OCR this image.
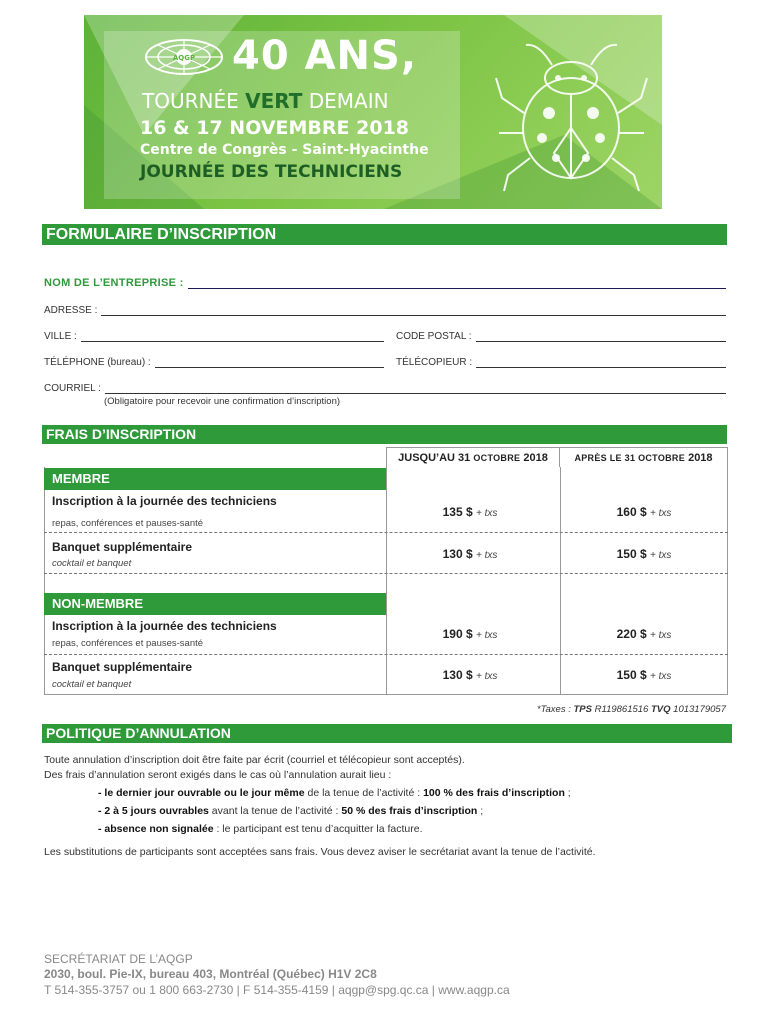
AQGP 40 ANS,
TOURNÉE VERT DEMAIN
16 & 17 NOVEMBRE 2018
Centre de Congrès - Saint-Hyacinthe
JOURNÉE DES TECHNICIENS
FORMULAIRE D’INSCRIPTION
NOM DE L’ENTREPRISE :
ADRESSE :
VILLE :	CODE POSTAL :
TÉLÉPHONE (bureau) :	TÉLÉCOPIEUR :
COURRIEL :
(Obligatoire pour recevoir une confirmation d’inscription)
FRAIS D’INSCRIPTION
JUSQU’AU 31 OCTOBRE 2018	APRÈS LE 31 OCTOBRE 2018
MEMBRE
Inscription à la journée des techniciens
repas, conférences et pauses-santé
135 $ + txs	160 $ + txs
Banquet supplémentaire
cocktail et banquet
130 $ + txs	150 $ + txs
NON-MEMBRE
Inscription à la journée des techniciens
repas, conférences et pauses-santé
190 $ + txs	220 $ + txs
Banquet supplémentaire
cocktail et banquet
130 $ + txs	150 $ + txs
*Taxes : TPS R119861516 TVQ 1013179057
POLITIQUE D’ANNULATION
Toute annulation d’inscription doit être faite par écrit (courriel et télécopieur sont acceptés).
Des frais d’annulation seront exigés dans le cas où l’annulation aurait lieu :
- le dernier jour ouvrable ou le jour même de la tenue de l’activité : 100 % des frais d’inscription ;
- 2 à 5 jours ouvrables avant la tenue de l’activité : 50 % des frais d’inscription ;
- absence non signalée : le participant est tenu d’acquitter la facture.
Les substitutions de participants sont acceptées sans frais. Vous devez aviser le secrétariat avant la tenue de l’activité.
SECRÉTARIAT DE L’AQGP
2030, boul. Pie-IX, bureau 403, Montréal (Québec) H1V 2C8
T 514-355-3757 ou 1 800 663-2730 | F 514-355-4159 | aqgp@spg.qc.ca | www.aqgp.ca
